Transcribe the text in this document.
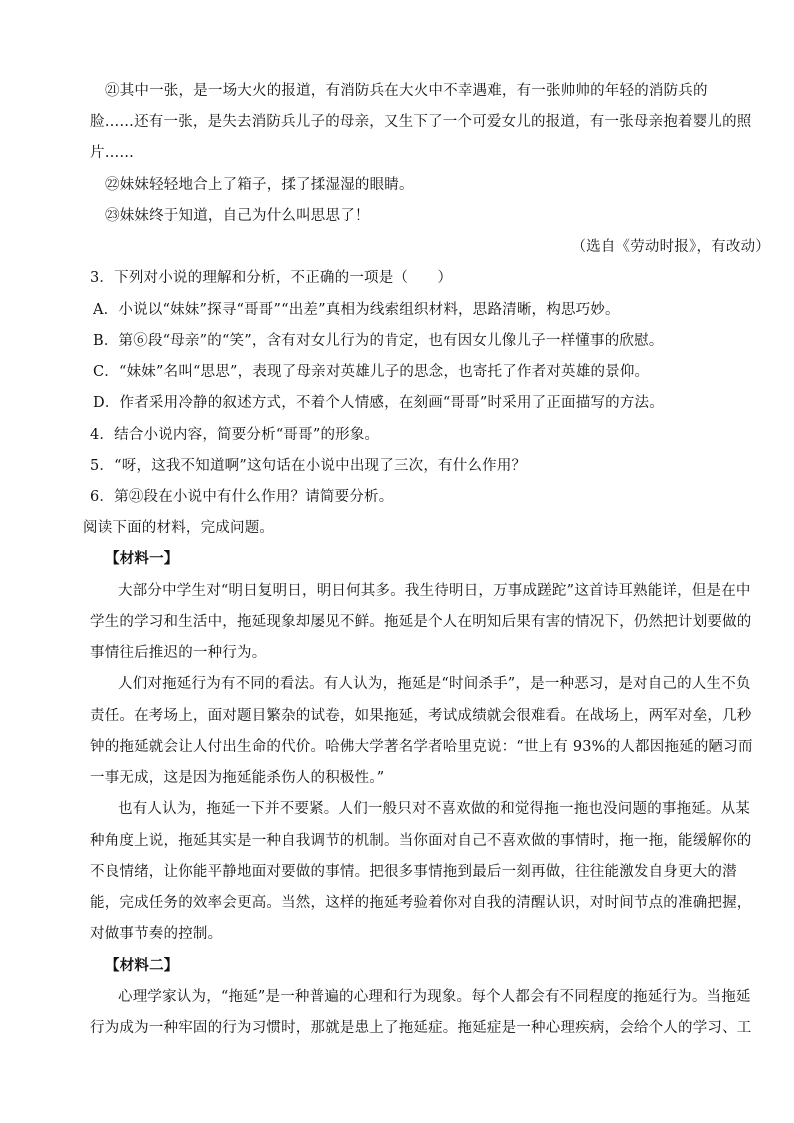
㉑其中一张，是一场大火的报道，有消防兵在大火中不幸遇难，有一张帅帅的年轻的消防兵的
脸……还有一张，是失去消防兵儿子的母亲，又生下了一个可爱女儿的报道，有一张母亲抱着婴儿的照
片……
㉒妹妹轻轻地合上了箱子，揉了揉湿湿的眼睛。
㉓妹妹终于知道，自己为什么叫思思了！
（选自《劳动时报》，有改动）
3．下列对小说的理解和分析，不正确的一项是（　　）
A．小说以“妹妹”探寻“哥哥”“出差”真相为线索组织材料，思路清晰，构思巧妙。
B．第⑥段“母亲”的“笑”，含有对女儿行为的肯定，也有因女儿像儿子一样懂事的欣慰。
C．“妹妹”名叫“思思”，表现了母亲对英雄儿子的思念，也寄托了作者对英雄的景仰。
D．作者采用冷静的叙述方式，不着个人情感，在刻画“哥哥”时采用了正面描写的方法。
4．结合小说内容，简要分析“哥哥”的形象。
5．“呀，这我不知道啊”这句话在小说中出现了三次，有什么作用？
6．第㉑段在小说中有什么作用？请简要分析。
阅读下面的材料，完成问题。
【材料一】
大部分中学生对“明日复明日，明日何其多。我生待明日，万事成蹉跎”这首诗耳熟能详，但是在中
学生的学习和生活中，拖延现象却屡见不鲜。拖延是个人在明知后果有害的情况下，仍然把计划要做的
事情往后推迟的一种行为。
人们对拖延行为有不同的看法。有人认为，拖延是“时间杀手”，是一种恶习，是对自己的人生不负
责任。在考场上，面对题目繁杂的试卷，如果拖延，考试成绩就会很难看。在战场上，两军对垒，几秒
钟的拖延就会让人付出生命的代价。哈佛大学著名学者哈里克说：“世上有 93%的人都因拖延的陋习而
一事无成，这是因为拖延能杀伤人的积极性。”
也有人认为，拖延一下并不要紧。人们一般只对不喜欢做的和觉得拖一拖也没问题的事拖延。从某
种角度上说，拖延其实是一种自我调节的机制。当你面对自己不喜欢做的事情时，拖一拖，能缓解你的
不良情绪，让你能平静地面对要做的事情。把很多事情拖到最后一刻再做，往往能激发自身更大的潜
能，完成任务的效率会更高。当然，这样的拖延考验着你对自我的清醒认识，对时间节点的准确把握，
对做事节奏的控制。
【材料二】
心理学家认为，“拖延”是一种普遍的心理和行为现象。每个人都会有不同程度的拖延行为。当拖延
行为成为一种牢固的行为习惯时，那就是患上了拖延症。拖延症是一种心理疾病，会给个人的学习、工
